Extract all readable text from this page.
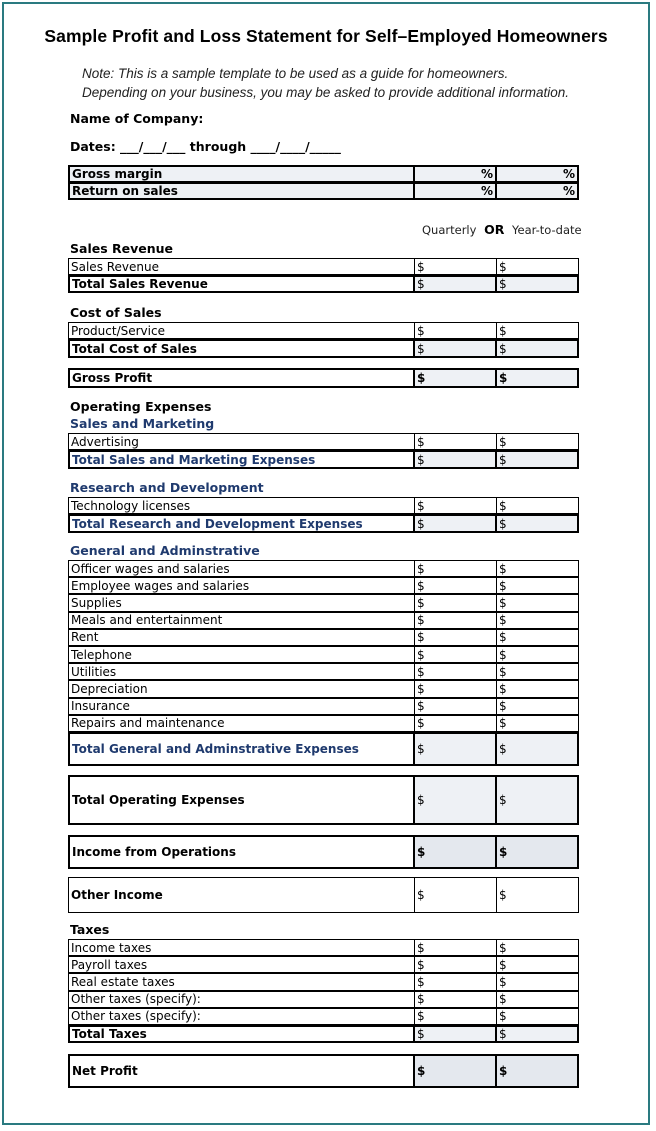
Sample Profit and Loss Statement for Self–Employed Homeowners
Note: This is a sample template to be used as a guide for homeowners.
Depending on your business, you may be asked to provide additional information.
Name of Company:
Dates: ___/___/___ through ____/____/_____
Gross margin	%	%
Return on sales	%	%
Quarterly OR Year-to-date
Sales Revenue
Sales Revenue	$	$
Total Sales Revenue	$	$
Cost of Sales
Product/Service	$	$
Total Cost of Sales	$	$
Gross Profit	$	$
Operating Expenses
Sales and Marketing
Advertising	$	$
Total Sales and Marketing Expenses	$	$
Research and Development
Technology licenses	$	$
Total Research and Development Expenses	$	$
General and Adminstrative
Officer wages and salaries	$	$
Employee wages and salaries	$	$
Supplies	$	$
Meals and entertainment	$	$
Rent	$	$
Telephone	$	$
Utilities	$	$
Depreciation	$	$
Insurance	$	$
Repairs and maintenance	$	$
Total General and Adminstrative Expenses	$	$
Total Operating Expenses	$	$
Income from Operations	$	$
Other Income	$	$
Taxes
Income taxes	$	$
Payroll taxes	$	$
Real estate taxes	$	$
Other taxes (specify):	$	$
Other taxes (specify):	$	$
Total Taxes	$	$
Net Profit	$	$
